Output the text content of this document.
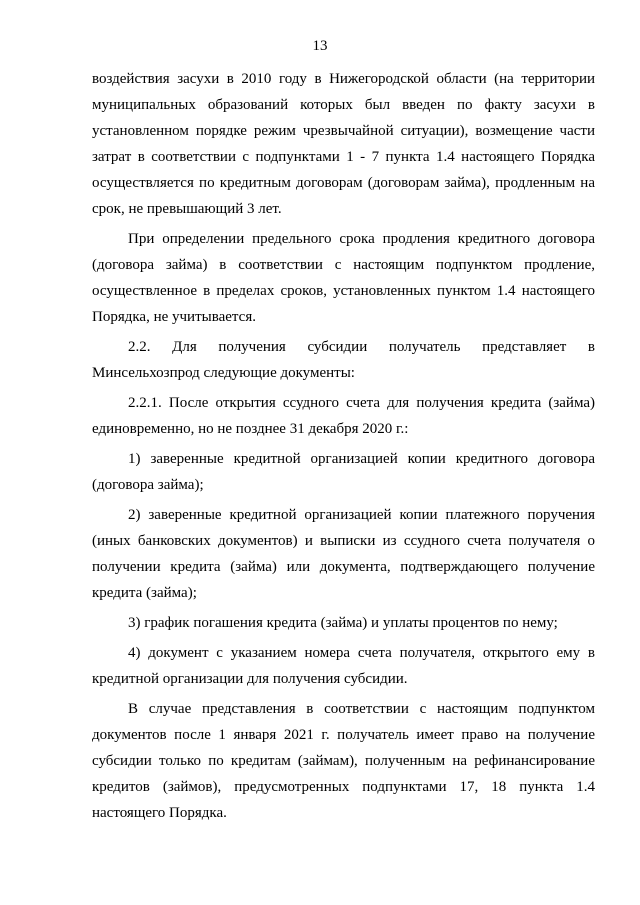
13

воздействия засухи в 2010 году в Нижегородской области (на территории муниципальных образований которых был введен по факту засухи в установленном порядке режим чрезвычайной ситуации), возмещение части затрат в соответствии с подпунктами 1 - 7 пункта 1.4 настоящего Порядка осуществляется по кредитным договорам (договорам займа), продленным на срок, не превышающий 3 лет.

При определении предельного срока продления кредитного договора (договора займа) в соответствии с настоящим подпунктом продление, осуществленное в пределах сроков, установленных пунктом 1.4 настоящего Порядка, не учитывается.

2.2. Для получения субсидии получатель представляет в Минсельхозпрод следующие документы:

2.2.1. После открытия ссудного счета для получения кредита (займа) единовременно, но не позднее 31 декабря 2020 г.:

1) заверенные кредитной организацией копии кредитного договора (договора займа);

2) заверенные кредитной организацией копии платежного поручения (иных банковских документов) и выписки из ссудного счета получателя о получении кредита (займа) или документа, подтверждающего получение кредита (займа);

3) график погашения кредита (займа) и уплаты процентов по нему;

4) документ с указанием номера счета получателя, открытого ему в кредитной организации для получения субсидии.

В случае представления в соответствии с настоящим подпунктом документов после 1 января 2021 г. получатель имеет право на получение субсидии только по кредитам (займам), полученным на рефинансирование кредитов (займов), предусмотренных подпунктами 17, 18 пункта 1.4 настоящего Порядка.
